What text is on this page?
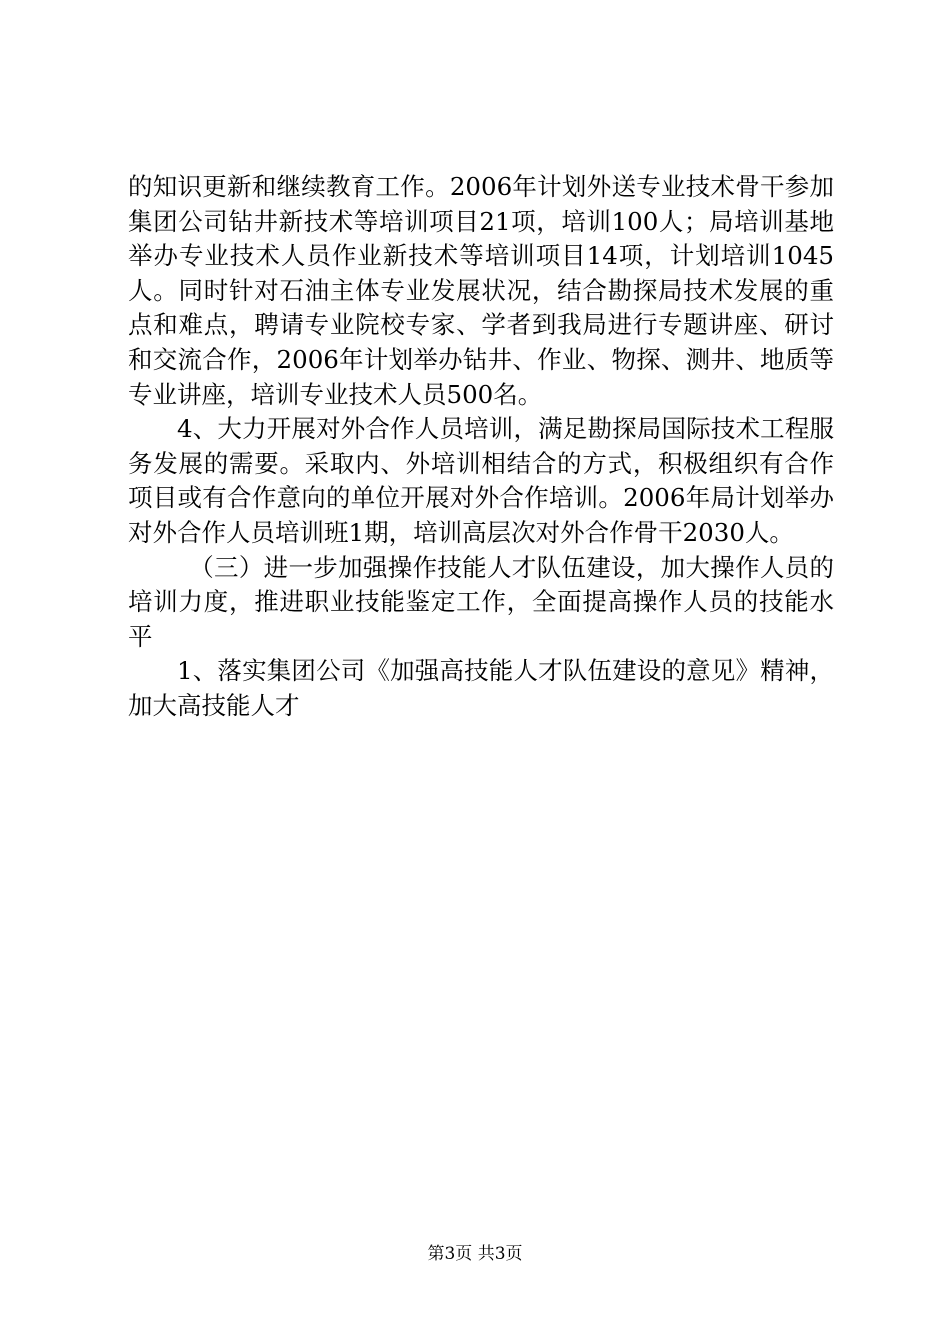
的知识更新和继续教育工作。2006年计划外送专业技术骨干参加集团公司钻井新技术等培训项目21项，培训100人；局培训基地举办专业技术人员作业新技术等培训项目14项，计划培训1045人。同时针对石油主体专业发展状况，结合勘探局技术发展的重点和难点，聘请专业院校专家、学者到我局进行专题讲座、研讨和交流合作，2006年计划举办钻井、作业、物探、测井、地质等专业讲座，培训专业技术人员500名。

4、大力开展对外合作人员培训，满足勘探局国际技术工程服务发展的需要。采取内、外培训相结合的方式，积极组织有合作项目或有合作意向的单位开展对外合作培训。2006年局计划举办对外合作人员培训班1期，培训高层次对外合作骨干2030人。

（三）进一步加强操作技能人才队伍建设，加大操作人员的培训力度，推进职业技能鉴定工作，全面提高操作人员的技能水平

1、落实集团公司《加强高技能人才队伍建设的意见》精神，加大高技能人才

第3页 共3页
